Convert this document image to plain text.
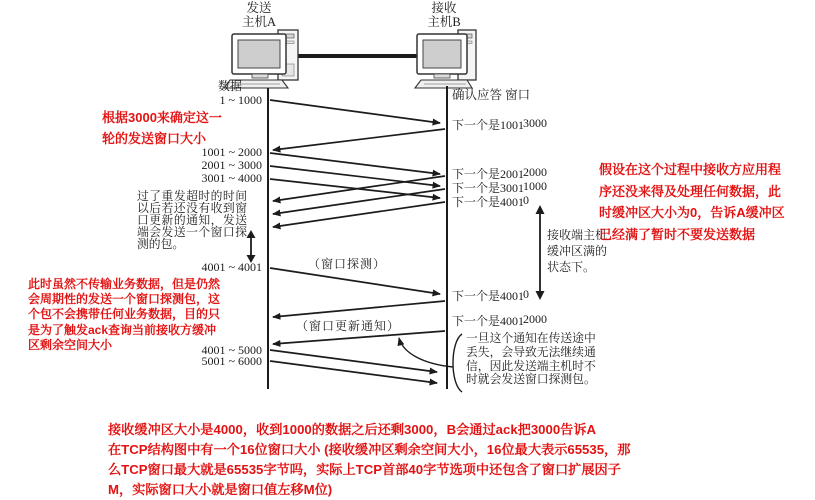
发送
主机A
接收
主机B
数据
1 ~ 1000
1001 ~ 2000
2001 ~ 3000
3001 ~ 4000
过了重发超时的时间以后若还没有收到窗口更新的通知，发送端会发送一个窗口探测的包。
4001 ~ 4001
4001 ~ 5000
5001 ~ 6000
确认应答 窗口
下一个是1001
3000
下一个是2001
2000
下一个是3001
1000
下一个是4001
0
下一个是4001
0
下一个是4001
2000
接收端主机缓冲区满的状态下。
（窗口探测）
（窗口更新通知）
一旦这个通知在传送途中丢失，会导致无法继续通信，因此发送端主机时不时就会发送窗口探测包。
根据3000来确定这一
轮的发送窗口大小
此时虽然不传输业务数据，但是仍然
会周期性的发送一个窗口探测包，这
个包不会携带任何业务数据，目的只
是为了触发ack查询当前接收方缓冲
区剩余空间大小
假设在这个过程中接收方应用程
序还没来得及处理任何数据，此
时缓冲区大小为0，告诉A缓冲区
已经满了暂时不要发送数据
接收缓冲区大小是4000，收到1000的数据之后还剩3000，B会通过ack把3000告诉A
在TCP结构图中有一个16位窗口大小 (接收缓冲区剩余空间大小，16位最大表示65535，那
么TCP窗口最大就是65535字节吗，实际上TCP首部40字节选项中还包含了窗口扩展因子
M，实际窗口大小就是窗口值左移M位)
